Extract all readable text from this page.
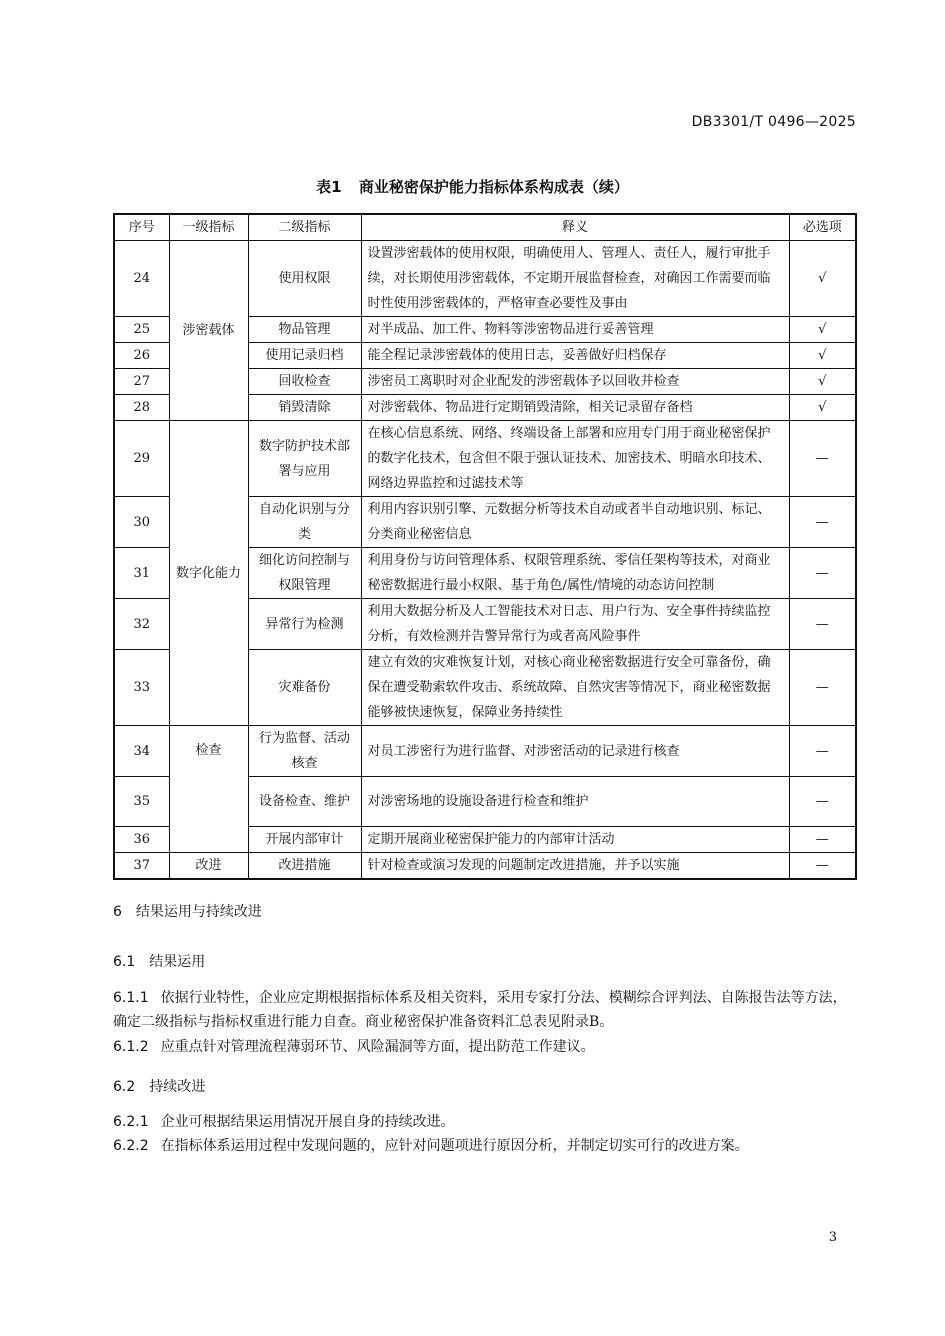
DB3301/T 0496—2025
表1 商业秘密保护能力指标体系构成表（续）
序号	一级指标	二级指标	释义	必选项
24	涉密载体	使用权限	设置涉密载体的使用权限，明确使用人、管理人、责任人，履行审批手续，对长期使用涉密载体，不定期开展监督检查，对确因工作需要而临时性使用涉密载体的，严格审查必要性及事由	√
25		物品管理	对半成品、加工件、物料等涉密物品进行妥善管理	√
26		使用记录归档	能全程记录涉密载体的使用日志，妥善做好归档保存	√
27		回收检查	涉密员工离职时对企业配发的涉密载体予以回收并检查	√
28		销毁清除	对涉密载体、物品进行定期销毁清除，相关记录留存备档	√
29	数字化能力	数字防护技术部署与应用	在核心信息系统、网络、终端设备上部署和应用专门用于商业秘密保护的数字化技术，包含但不限于强认证技术、加密技术、明暗水印技术、网络边界监控和过滤技术等	—
30		自动化识别与分类	利用内容识别引擎、元数据分析等技术自动或者半自动地识别、标记、分类商业秘密信息	—
31		细化访问控制与权限管理	利用身份与访问管理体系、权限管理系统、零信任架构等技术，对商业秘密数据进行最小权限、基于角色/属性/情境的动态访问控制	—
32		异常行为检测	利用大数据分析及人工智能技术对日志、用户行为、安全事件持续监控分析，有效检测并告警异常行为或者高风险事件	—
33		灾难备份	建立有效的灾难恢复计划，对核心商业秘密数据进行安全可靠备份，确保在遭受勒索软件攻击、系统故障、自然灾害等情况下，商业秘密数据能够被快速恢复，保障业务持续性	—
34	检查	行为监督、活动核查	对员工涉密行为进行监督、对涉密活动的记录进行核查	—
35		设备检查、维护	对涉密场地的设施设备进行检查和维护	—
36		开展内部审计	定期开展商业秘密保护能力的内部审计活动	—
37	改进	改进措施	针对检查或演习发现的问题制定改进措施，并予以实施	—
6 结果运用与持续改进
6.1 结果运用
6.1.1 依据行业特性，企业应定期根据指标体系及相关资料，采用专家打分法、模糊综合评判法、自陈报告法等方法，确定二级指标与指标权重进行能力自查。商业秘密保护准备资料汇总表见附录B。
6.1.2 应重点针对管理流程薄弱环节、风险漏洞等方面，提出防范工作建议。
6.2 持续改进
6.2.1 企业可根据结果运用情况开展自身的持续改进。
6.2.2 在指标体系运用过程中发现问题的，应针对问题项进行原因分析，并制定切实可行的改进方案。
3
